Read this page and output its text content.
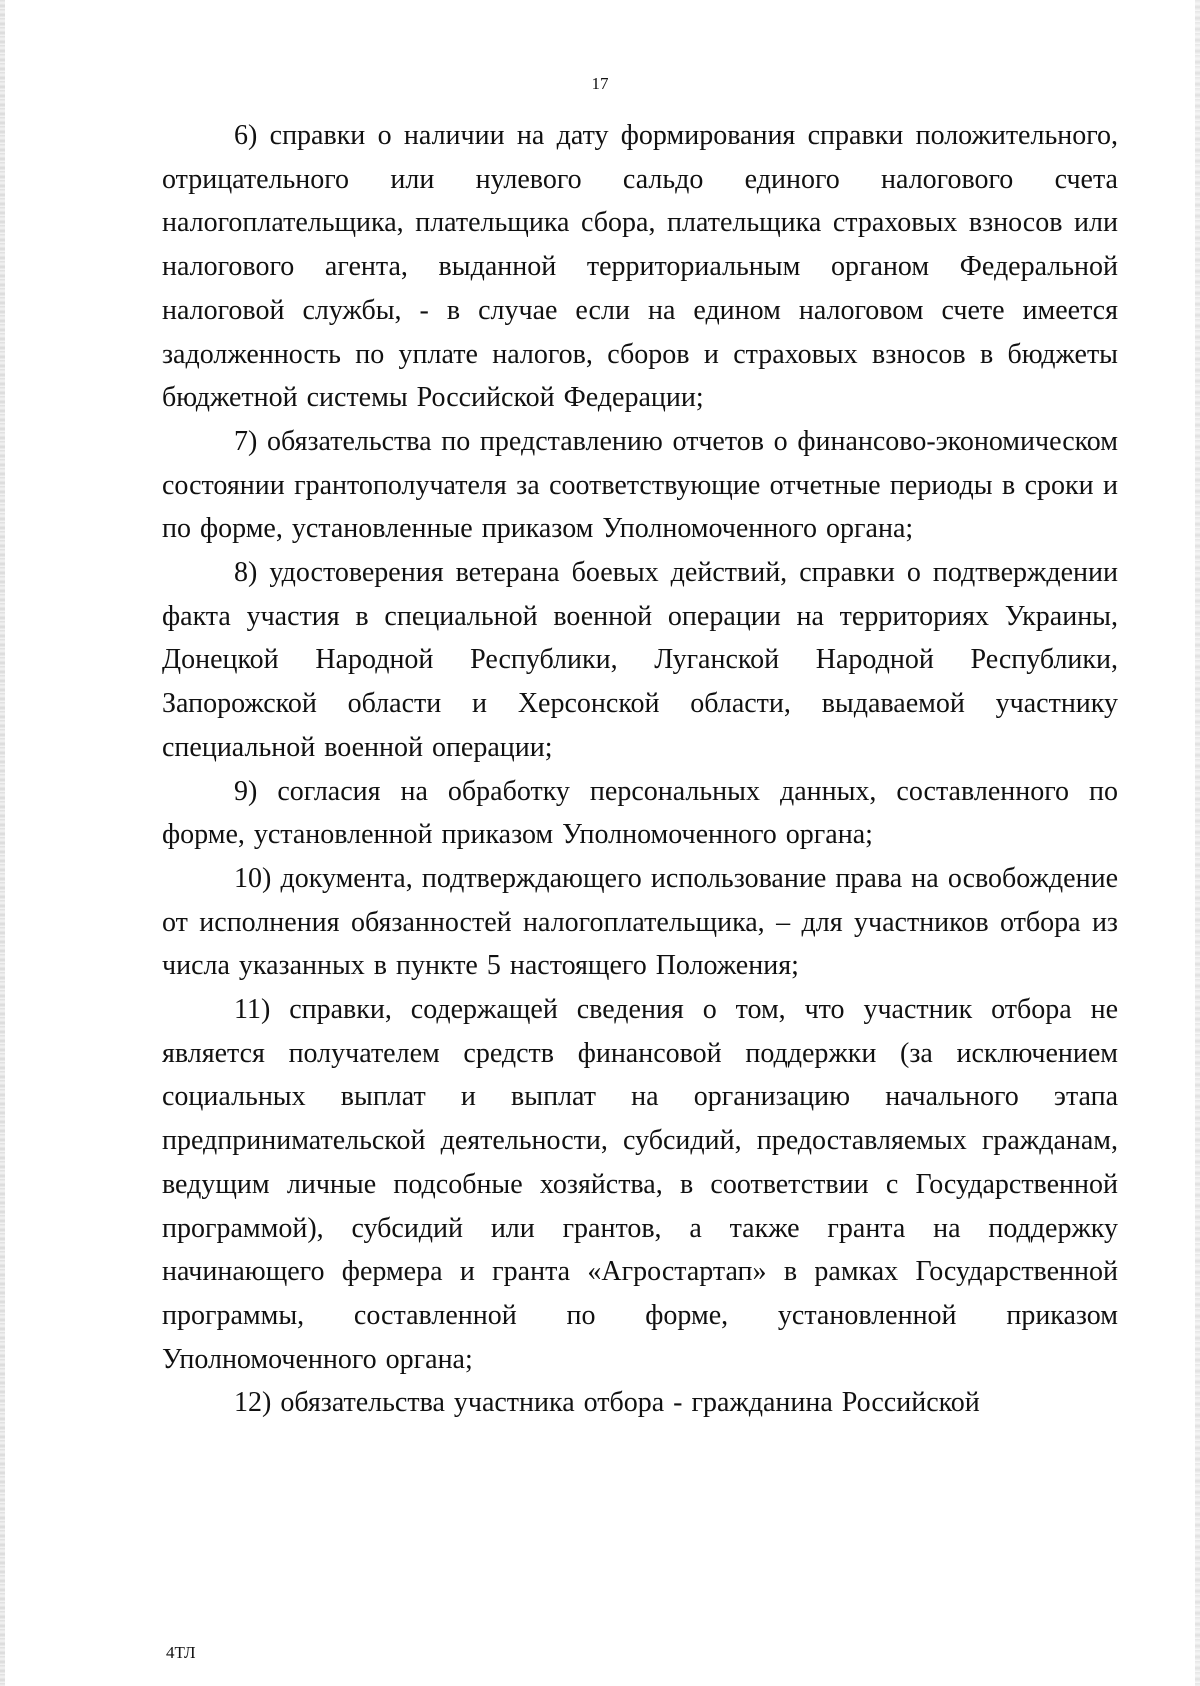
17

6) справки о наличии на дату формирования справки положительного, отрицательного или нулевого сальдо единого налогового счета налогоплательщика, плательщика сбора, плательщика страховых взносов или налогового агента, выданной территориальным органом Федеральной налоговой службы, - в случае если на едином налоговом счете имеется задолженность по уплате налогов, сборов и страховых взносов в бюджеты бюджетной системы Российской Федерации;

7) обязательства по представлению отчетов о финансово-экономическом состоянии грантополучателя за соответствующие отчетные периоды в сроки и по форме, установленные приказом Уполномоченного органа;

8) удостоверения ветерана боевых действий, справки о подтверждении факта участия в специальной военной операции на территориях Украины, Донецкой Народной Республики, Луганской Народной Республики, Запорожской области и Херсонской области, выдаваемой участнику специальной военной операции;

9) согласия на обработку персональных данных, составленного по форме, установленной приказом Уполномоченного органа;

10) документа, подтверждающего использование права на освобождение от исполнения обязанностей налогоплательщика, – для участников отбора из числа указанных в пункте 5 настоящего Положения;

11) справки, содержащей сведения о том, что участник отбора не является получателем средств финансовой поддержки (за исключением социальных выплат и выплат на организацию начального этапа предпринимательской деятельности, субсидий, предоставляемых гражданам, ведущим личные подсобные хозяйства, в соответствии с Государственной программой), субсидий или грантов, а также гранта на поддержку начинающего фермера и гранта «Агростартап» в рамках Государственной программы, составленной по форме, установленной приказом Уполномоченного органа;

12) обязательства участника отбора - гражданина Российской

4ТЛ
